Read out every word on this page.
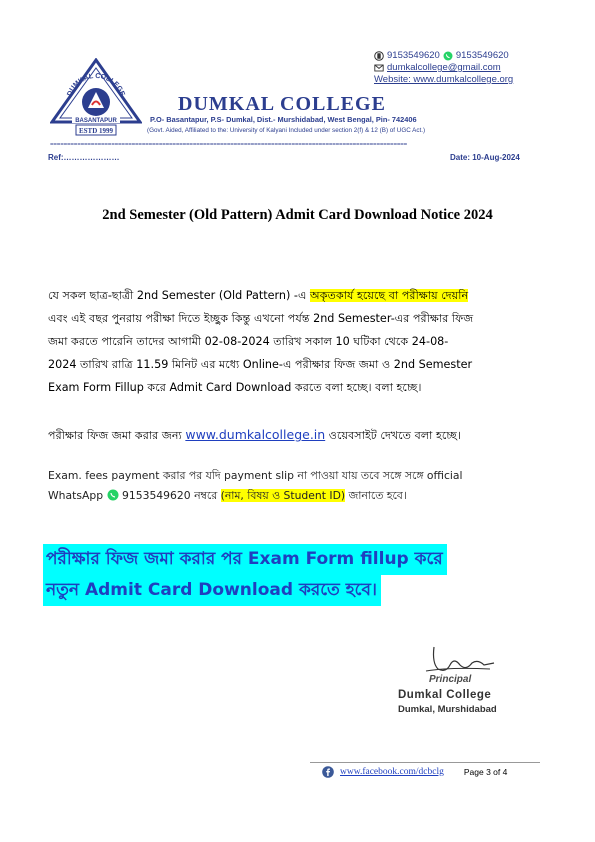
DUMKAL COLLEGE
BASANTAPUR
ESTD 1999
9153549620 9153549620
dumkalcollege@gmail.com
Website: www.dumkalcollege.org
DUMKAL COLLEGE
P.O- Basantapur, P.S- Dumkal, Dist.- Murshidabad, West Bengal, Pin- 742406
(Govt. Aided, Affiliated to the: University of Kalyani Included under section 2(f) & 12 (B) of UGC Act.)
=========================================================================================================
Ref:…………………	Date: 10-Aug-2024
2nd Semester (Old Pattern) Admit Card Download Notice 2024
যে সকল ছাত্র-ছাত্রী 2nd Semester (Old Pattern) -এ অকৃতকার্য হয়েছে বা পরীক্ষায় দেয়নি
এবং এই বছর পুনরায় পরীক্ষা দিতে ইচ্ছুক কিন্তু এখনো পর্যন্ত 2nd Semester-এর পরীক্ষার ফিজ
জমা করতে পারেনি তাদের আগামী 02-08-2024 তারিখ সকাল 10 ঘটিকা থেকে 24-08-
2024 তারিখ রাত্রি 11.59 মিনিট এর মধ্যে Online-এ পরীক্ষার ফিজ জমা ও 2nd Semester
Exam Form Fillup করে Admit Card Download করতে বলা হচ্ছে। বলা হচ্ছে।
পরীক্ষার ফিজ জমা করার জন্য www.dumkalcollege.in ওয়েবসাইট দেখতে বলা হচ্ছে।
Exam. fees payment করার পর যদি payment slip না পাওয়া যায় তবে সঙ্গে সঙ্গে official
WhatsApp  9153549620 নম্বরে (নাম, বিষয় ও Student ID) জানাতে হবে।
পরীক্ষার ফিজ জমা করার পর Exam Form fillup করে
নতুন Admit Card Download করতে হবে।
Principal
Dumkal College
Dumkal, Murshidabad
www.facebook.com/dcbclg Page 3 of 4
